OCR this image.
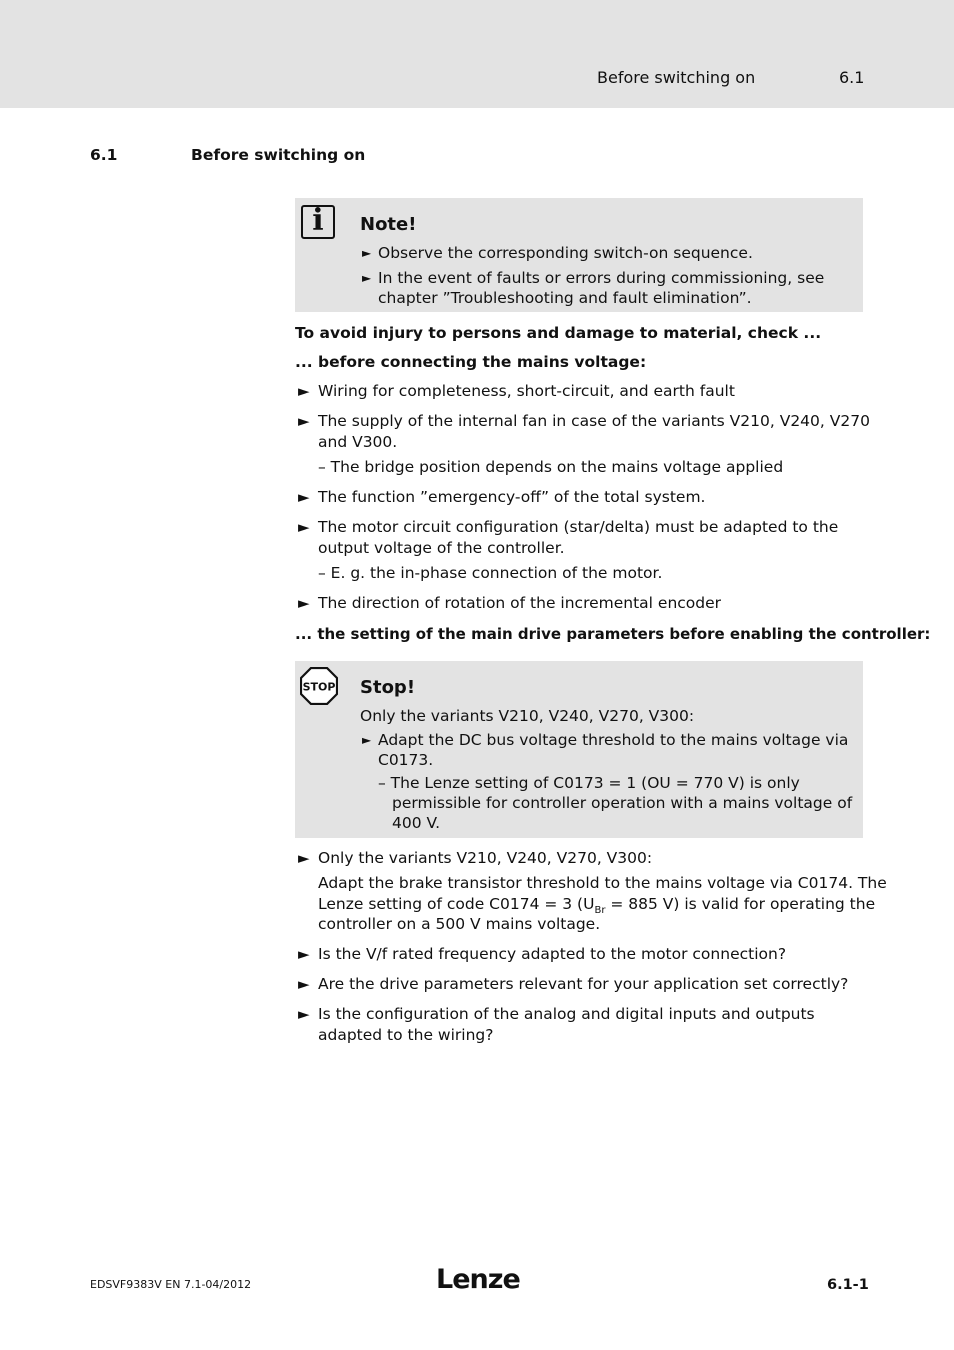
Before switching on	6.1
6.1	Before switching on
i	Note!
► Observe the corresponding switch-on sequence.
► In the event of faults or errors during commissioning, see
chapter ”Troubleshooting and fault elimination”.
To avoid injury to persons and damage to material, check ...
... before connecting the mains voltage:
► Wiring for completeness, short-circuit, and earth fault
► The supply of the internal fan in case of the variants V210, V240, V270
and V300.
– The bridge position depends on the mains voltage applied
► The function ”emergency-off” of the total system.
► The motor circuit configuration (star/delta) must be adapted to the
output voltage of the controller.
– E. g. the in-phase connection of the motor.
► The direction of rotation of the incremental encoder
... the setting of the main drive parameters before enabling the controller:
STOP Stop!
Only the variants V210, V240, V270, V300:
► Adapt the DC bus voltage threshold to the mains voltage via
C0173.
– The Lenze setting of C0173 = 1 (OU = 770 V) is only
permissible for controller operation with a mains voltage of
400 V.
► Only the variants V210, V240, V270, V300:
Adapt the brake transistor threshold to the mains voltage via C0174. The
Lenze setting of code C0174 = 3 ($U_{Br} = 885$ V) is valid for operating the
controller on a 500 V mains voltage.
► Is the V/f rated frequency adapted to the motor connection?
► Are the drive parameters relevant for your application set correctly?
► Is the configuration of the analog and digital inputs and outputs
adapted to the wiring?
EDSVF9383V EN 7.1-04/2012	Lenze	6.1-1
